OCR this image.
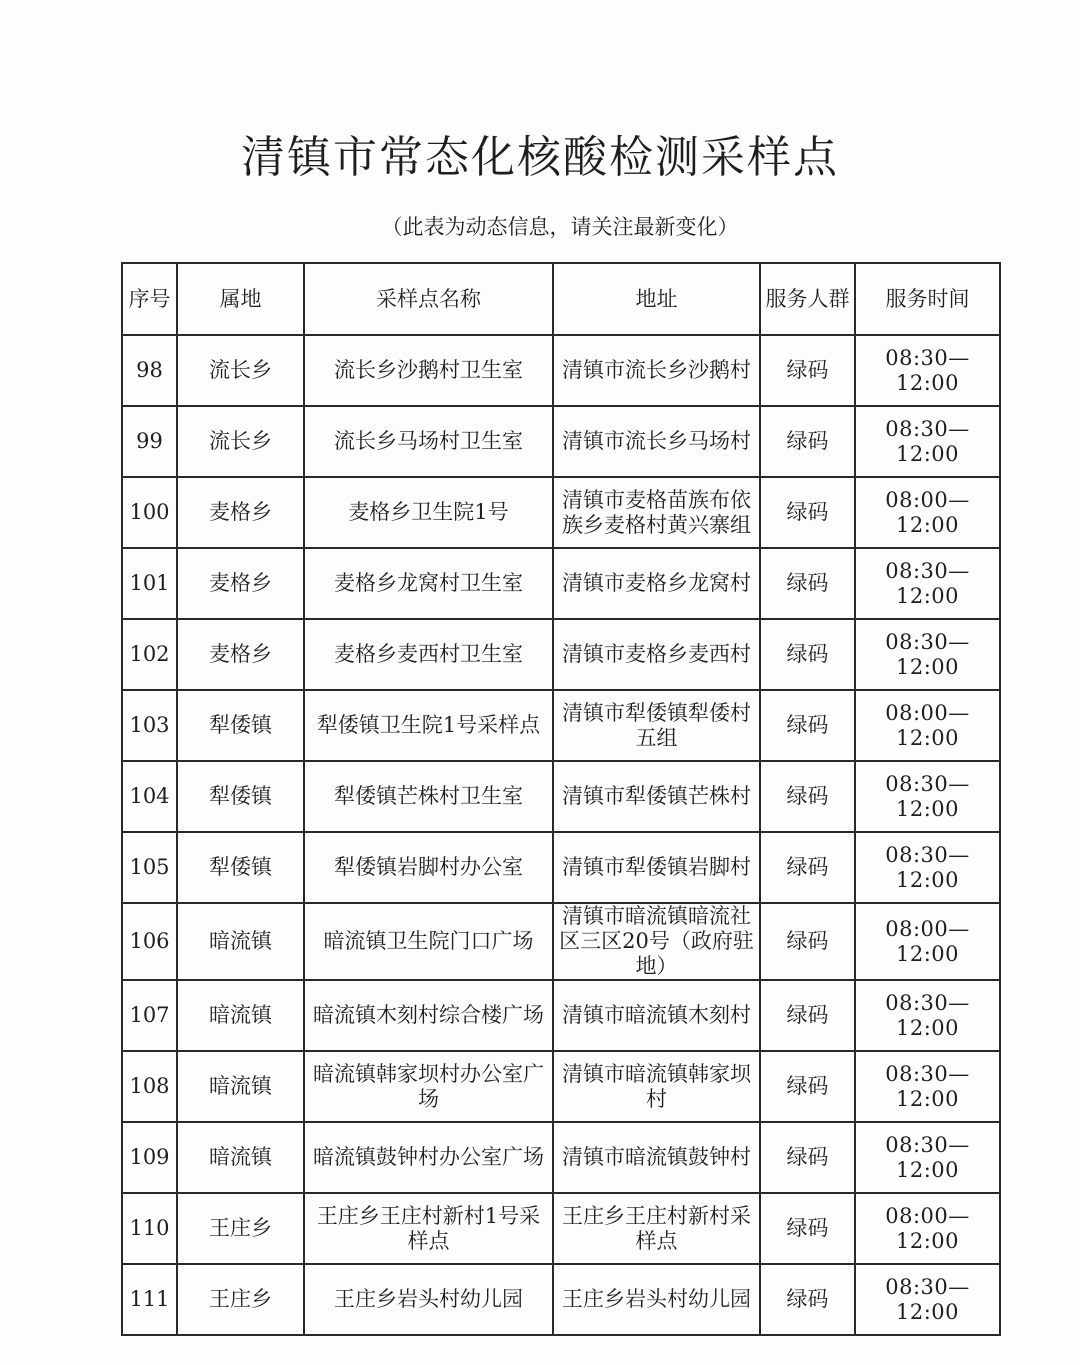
清镇市常态化核酸检测采样点
（此表为动态信息，请关注最新变化）
序号	属地	采样点名称	地址	服务人群	服务时间
98	流长乡	流长乡沙鹅村卫生室	清镇市流长乡沙鹅村	绿码	08:30—12:00
99	流长乡	流长乡马场村卫生室	清镇市流长乡马场村	绿码	08:30—12:00
100	麦格乡	麦格乡卫生院1号	清镇市麦格苗族布依族乡麦格村黄兴寨组	绿码	08:00—12:00
101	麦格乡	麦格乡龙窝村卫生室	清镇市麦格乡龙窝村	绿码	08:30—12:00
102	麦格乡	麦格乡麦西村卫生室	清镇市麦格乡麦西村	绿码	08:30—12:00
103	犁倭镇	犁倭镇卫生院1号采样点	清镇市犁倭镇犁倭村五组	绿码	08:00—12:00
104	犁倭镇	犁倭镇芒株村卫生室	清镇市犁倭镇芒株村	绿码	08:30—12:00
105	犁倭镇	犁倭镇岩脚村办公室	清镇市犁倭镇岩脚村	绿码	08:30—12:00
106	暗流镇	暗流镇卫生院门口广场	清镇市暗流镇暗流社区三区20号（政府驻地）	绿码	08:00—12:00
107	暗流镇	暗流镇木刻村综合楼广场	清镇市暗流镇木刻村	绿码	08:30—12:00
108	暗流镇	暗流镇韩家坝村办公室广场	清镇市暗流镇韩家坝村	绿码	08:30—12:00
109	暗流镇	暗流镇鼓钟村办公室广场	清镇市暗流镇鼓钟村	绿码	08:30—12:00
110	王庄乡	王庄乡王庄村新村1号采样点	王庄乡王庄村新村采样点	绿码	08:00—12:00
111	王庄乡	王庄乡岩头村幼儿园	王庄乡岩头村幼儿园	绿码	08:30—12:00
